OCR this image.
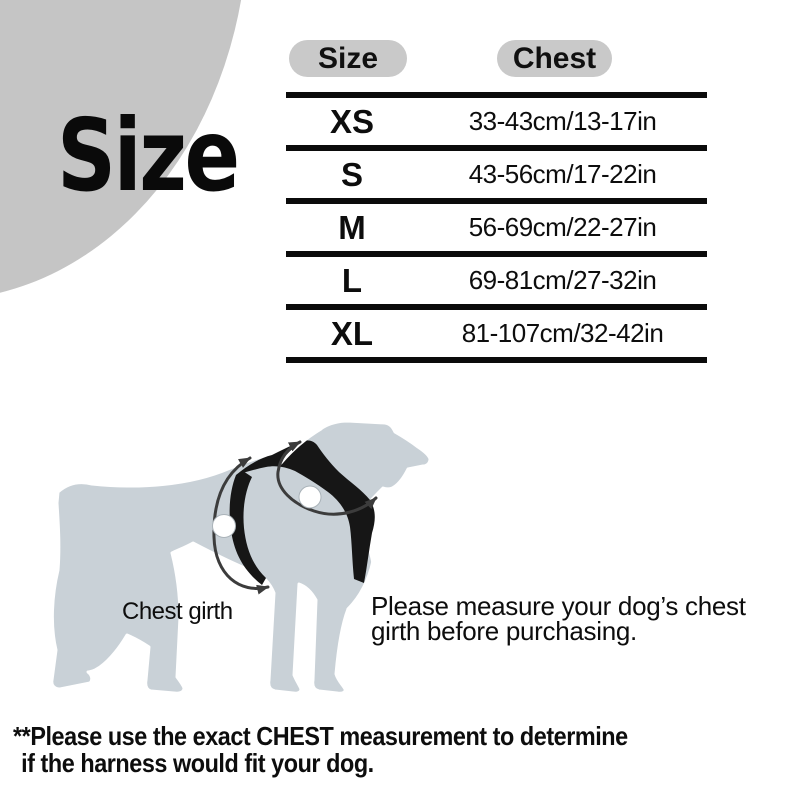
Size
Size	Chest
XS	33-43cm/13-17in
S	43-56cm/17-22in
M	56-69cm/22-27in
L	69-81cm/27-32in
XL	81-107cm/32-42in
Chest girth	Please measure your dog’s chest
girth before purchasing.
**Please use the exact CHEST measurement to determine
if the harness would fit your dog.
